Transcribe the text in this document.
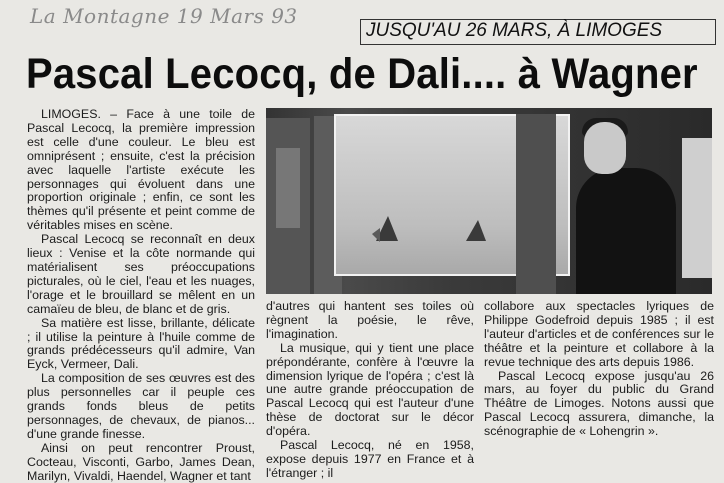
La Montagne 19 Mars 93
JUSQU'AU 26 MARS, À LIMOGES
Pascal Lecocq, de Dali.... à Wagner

LIMOGES. – Face à une toile de Pascal Lecocq, la première impression est celle d'une couleur. Le bleu est omniprésent ; ensuite, c'est la précision avec laquelle l'artiste exécute les personnages qui évoluent dans une proportion originale ; enfin, ce sont les thèmes qu'il présente et peint comme de véritables mises en scène.

Pascal Lecocq se reconnaît en deux lieux : Venise et la côte normande qui matérialisent ses préoccupations picturales, où le ciel, l'eau et les nuages, l'orage et le brouillard se mêlent en un camaïeu de bleu, de blanc et de gris.

Sa matière est lisse, brillante, délicate ; il utilise la peinture à l'huile comme de grands prédécesseurs qu'il admire, Van Eyck, Vermeer, Dali.

La composition de ses œuvres est des plus personnelles car il peuple ces grands fonds bleus de petits personnages, de chevaux, de pianos... d'une grande finesse.

Ainsi on peut rencontrer Proust, Cocteau, Visconti, Garbo, James Dean, Marilyn, Vivaldi, Haendel, Wagner et tant

d'autres qui hantent ses toiles où règnent la poésie, le rêve, l'imagination.

La musique, qui y tient une place prépondérante, confère à l'œuvre la dimension lyrique de l'opéra ; c'est là une autre grande préoccupation de Pascal Lecocq qui est l'auteur d'une thèse de doctorat sur le décor d'opéra.

Pascal Lecocq, né en 1958, expose depuis 1977 en France et à l'étranger ; il

collabore aux spectacles lyriques de Philippe Godefroid depuis 1985 ; il est l'auteur d'articles et de conférences sur le théâtre et la peinture et collabore à la revue technique des arts depuis 1986.

Pascal Lecocq expose jusqu'au 26 mars, au foyer du public du Grand Théâtre de Limoges. Notons aussi que Pascal Lecocq assurera, dimanche, la scénographie de « Lohengrin ».
